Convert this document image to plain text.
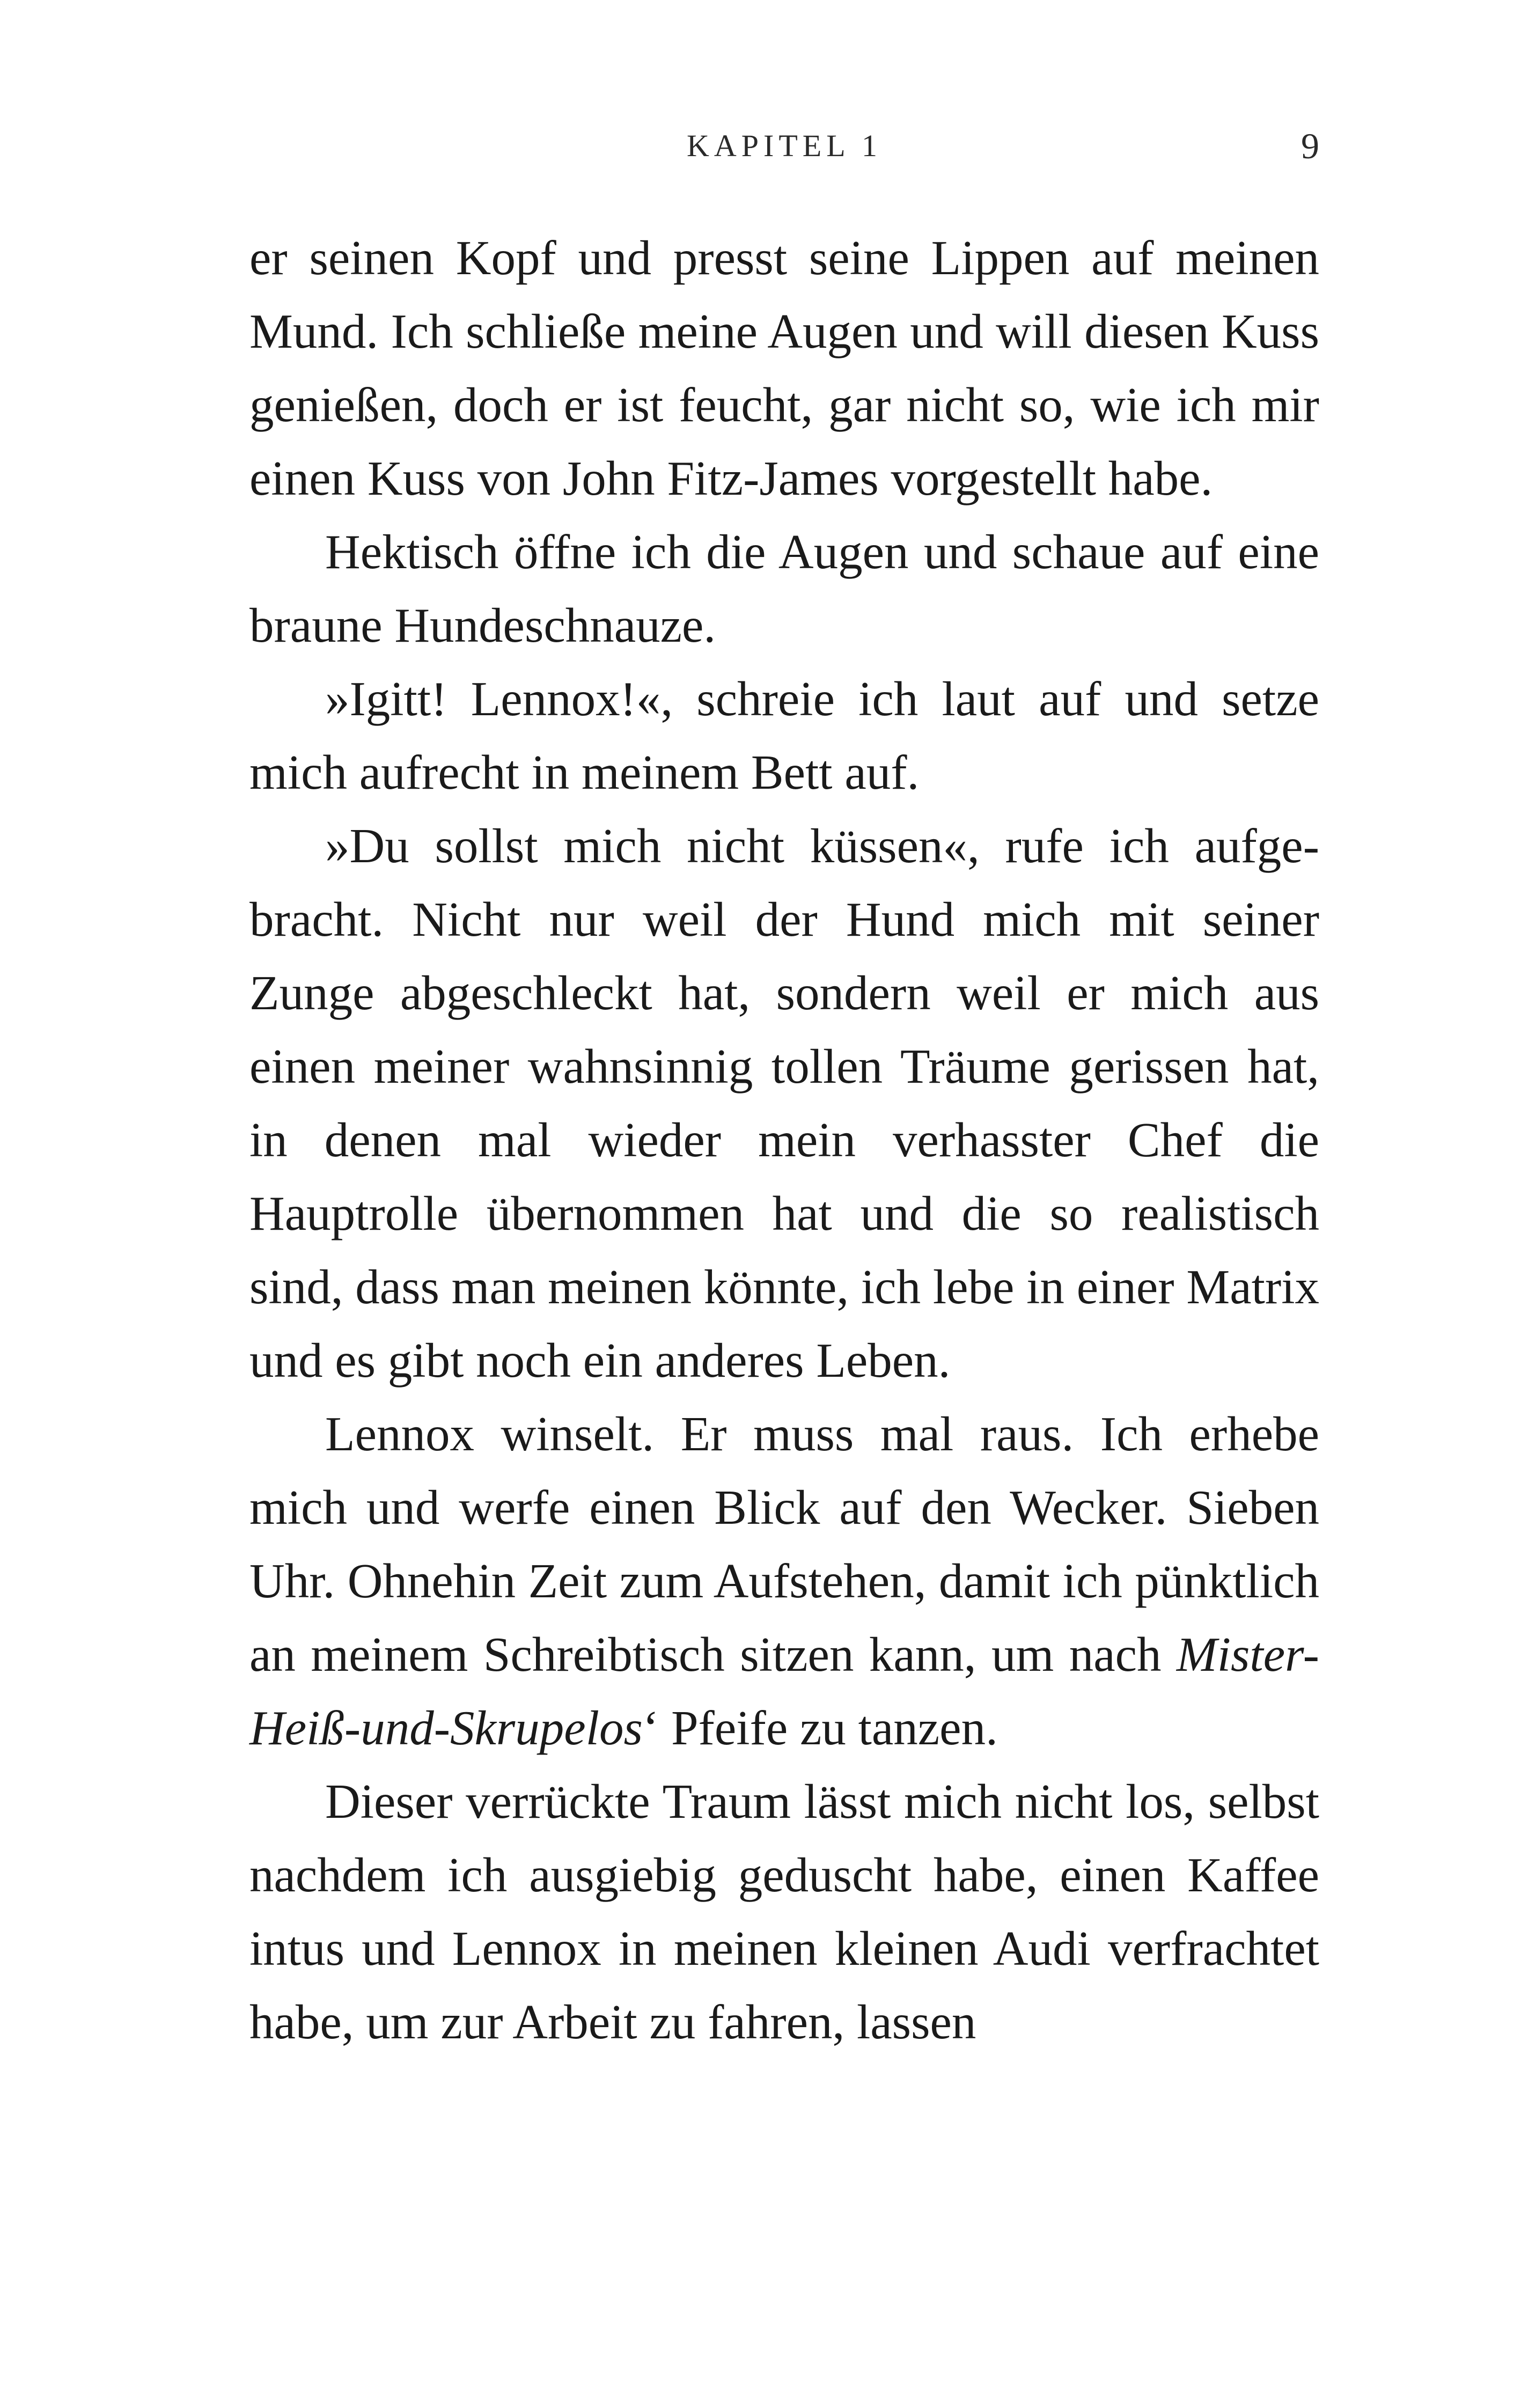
KAPITEL 1	9

er seinen Kopf und presst seine Lippen auf meinen Mund. Ich schließe meine Augen und will diesen Kuss genießen, doch er ist feucht, gar nicht so, wie ich mir einen Kuss von John Fitz-James vorgestellt habe.

Hektisch öffne ich die Augen und schaue auf eine braune Hundeschnauze.

»Igitt! Lennox!«, schreie ich laut auf und setze mich aufrecht in meinem Bett auf.

»Du sollst mich nicht küssen«, rufe ich aufgebracht. Nicht nur weil der Hund mich mit seiner Zunge abgeschleckt hat, sondern weil er mich aus einen meiner wahnsinnig tollen Träume gerissen hat, in denen mal wieder mein verhasster Chef die Hauptrolle übernommen hat und die so realistisch sind, dass man meinen könnte, ich lebe in einer Matrix und es gibt noch ein anderes Leben.

Lennox winselt. Er muss mal raus. Ich erhebe mich und werfe einen Blick auf den Wecker. Sieben Uhr. Ohnehin Zeit zum Aufstehen, damit ich pünktlich an meinem Schreibtisch sitzen kann, um nach Mister-Heiß-und-Skrupelos‘ Pfeife zu tanzen.

Dieser verrückte Traum lässt mich nicht los, selbst nachdem ich ausgiebig geduscht habe, einen Kaffee intus und Lennox in meinen kleinen Audi verfrachtet habe, um zur Arbeit zu fahren, lassen
